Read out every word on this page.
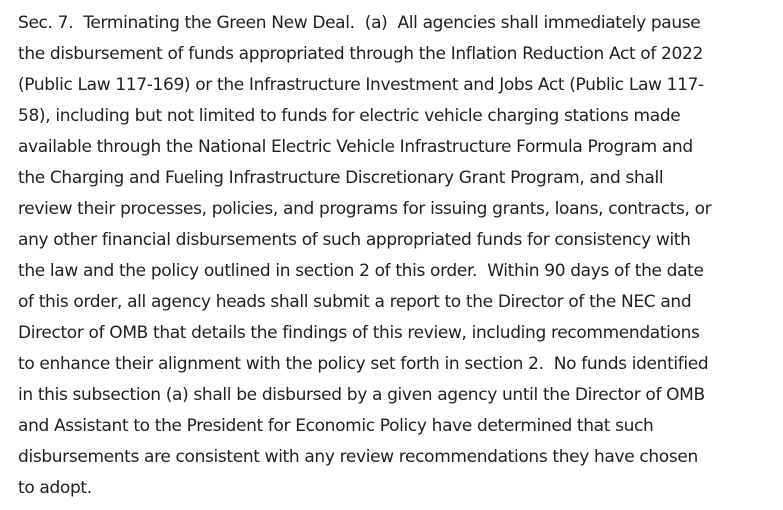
Sec. 7.  Terminating the Green New Deal.  (a)  All agencies shall immediately pause
the disbursement of funds appropriated through the Inflation Reduction Act of 2022
(Public Law 117-169) or the Infrastructure Investment and Jobs Act (Public Law 117-
58), including but not limited to funds for electric vehicle charging stations made
available through the National Electric Vehicle Infrastructure Formula Program and
the Charging and Fueling Infrastructure Discretionary Grant Program, and shall
review their processes, policies, and programs for issuing grants, loans, contracts, or
any other financial disbursements of such appropriated funds for consistency with
the law and the policy outlined in section 2 of this order.  Within 90 days of the date
of this order, all agency heads shall submit a report to the Director of the NEC and
Director of OMB that details the findings of this review, including recommendations
to enhance their alignment with the policy set forth in section 2.  No funds identified
in this subsection (a) shall be disbursed by a given agency until the Director of OMB
and Assistant to the President for Economic Policy have determined that such
disbursements are consistent with any review recommendations they have chosen
to adopt.
